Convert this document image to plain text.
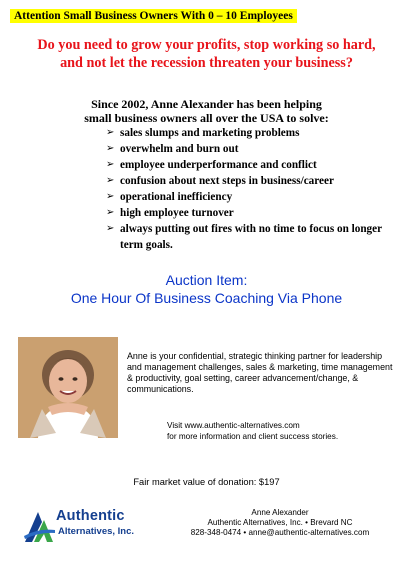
Attention Small Business Owners With 0 – 10 Employees
Do you need to grow your profits, stop working so hard,
and not let the recession threaten your business?
Since 2002, Anne Alexander has been helping
small business owners all over the USA to solve:
➢ sales slumps and marketing problems
➢ overwhelm and burn out
➢ employee underperformance and conflict
➢ confusion about next steps in business/career
➢ operational inefficiency
➢ high employee turnover
➢ always putting out fires with no time to focus on longer term goals.
Auction Item:
One Hour Of Business Coaching Via Phone
Anne is your confidential, strategic thinking partner for leadership and management challenges, sales & marketing, time management & productivity, goal setting, career advancement/change, & communications.
Visit www.authentic-alternatives.com
for more information and client success stories.
Fair market value of donation: $197
Authentic
Alternatives, Inc.
Anne Alexander
Authentic Alternatives, Inc. • Brevard NC
828-348-0474 • anne@authentic-alternatives.com
